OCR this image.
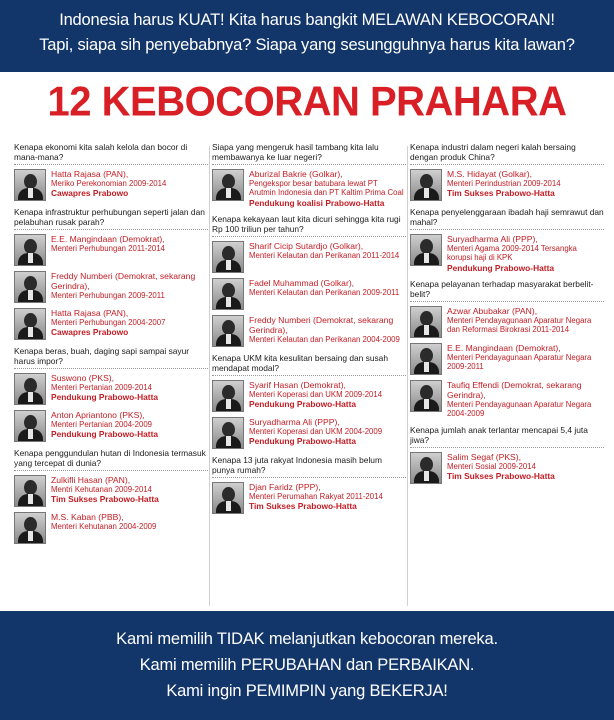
Indonesia harus KUAT! Kita harus bangkit MELAWAN KEBOCORAN!
Tapi, siapa sih penyebabnya? Siapa yang sesungguhnya harus kita lawan?
12 KEBOCORAN PRAHARA
Kenapa ekonomi kita salah kelola dan bocor di mana-mana?
Hatta Rajasa (PAN),
Meriko Perekonomian 2009-2014
Cawapres Prabowo
Kenapa infrastruktur perhubungan seperti jalan dan pelabuhan rusak parah?
E.E. Mangindaan (Demokrat),
Menteri Perhubungan 2011-2014
Freddy Numberi (Demokrat, sekarang Gerindra),
Menteri Perhubungan 2009-2011
Hatta Rajasa (PAN),
Menteri Perhubungan 2004-2007
Cawapres Prabowo
Kenapa beras, buah, daging sapi sampai sayur harus impor?
Suswono (PKS),
Menteri Pertanian 2009-2014
Pendukung Prabowo-Hatta
Anton Apriantono (PKS),
Menteri Pertanian 2004-2009
Pendukung Prabowo-Hatta
Kenapa penggundulan hutan di Indonesia termasuk yang tercepat di dunia?
Zulkifli Hasan (PAN),
Mentri Kehutanan 2009-2014
Tim Sukses Prabowo-Hatta
M.S. Kaban (PBB),
Menteri Kehutanan 2004-2009
Siapa yang mengeruk hasil tambang kita lalu membawanya ke luar negeri?
Aburizal Bakrie (Golkar),
Pengekspor besar batubara lewat PT Arutmin Indonesia dan PT Kaltim Prima Coal
Pendukung koalisi Prabowo-Hatta
Kenapa kekayaan laut kita dicuri sehingga kita rugi Rp 100 triliun per tahun?
Sharif Cicip Sutardjo (Golkar),
Menteri Kelautan dan Perikanan 2011-2014
Fadel Muhammad (Golkar),
Menteri Kelautan dan Perikanan 2009-2011
Freddy Numberi (Demokrat, sekarang Gerindra),
Menteri Kelautan dan Perikanan 2004-2009
Kenapa UKM kita kesulitan bersaing dan susah mendapat modal?
Syarif Hasan (Demokrat),
Menteri Koperasi dan UKM 2009-2014
Pendukung Prabowo-Hatta
Suryadharma Ali (PPP),
Menteri Koperasi dan UKM 2004-2009
Pendukung Prabowo-Hatta
Kenapa 13 juta rakyat Indonesia masih belum punya rumah?
Djan Faridz (PPP),
Menteri Perumahan Rakyat 2011-2014
Tim Sukses Prabowo-Hatta
Kenapa industri dalam negeri kalah bersaing dengan produk China?
M.S. Hidayat (Golkar),
Menteri Perindustrian 2009-2014
Tim Sukses Prabowo-Hatta
Kenapa penyelenggaraan ibadah haji semrawut dan mahal?
Suryadharma Ali (PPP),
Menteri Agama 2009-2014 Tersangka korupsi haji di KPK
Pendukung Prabowo-Hatta
Kenapa pelayanan terhadap masyarakat berbelit-belit?
Azwar Abubakar (PAN),
Menteri Pendayagunaan Aparatur Negara dan Reformasi Birokrasi 2011-2014
E.E. Mangindaan (Demokrat),
Menteri Pendayagunaan Aparatur Negara 2009-2011
Taufiq Effendi (Demokrat, sekarang Gerindra),
Menteri Pendayagunaan Aparatur Negara 2004-2009
Kenapa jumlah anak terlantar mencapai 5,4 juta jiwa?
Salim Segaf (PKS),
Menteri Sosial 2009-2014
Tim Sukses Prabowo-Hatta
Kami memilih TIDAK melanjutkan kebocoran mereka.
Kami memilih PERUBAHAN dan PERBAIKAN.
Kami ingin PEMIMPIN yang BEKERJA!
